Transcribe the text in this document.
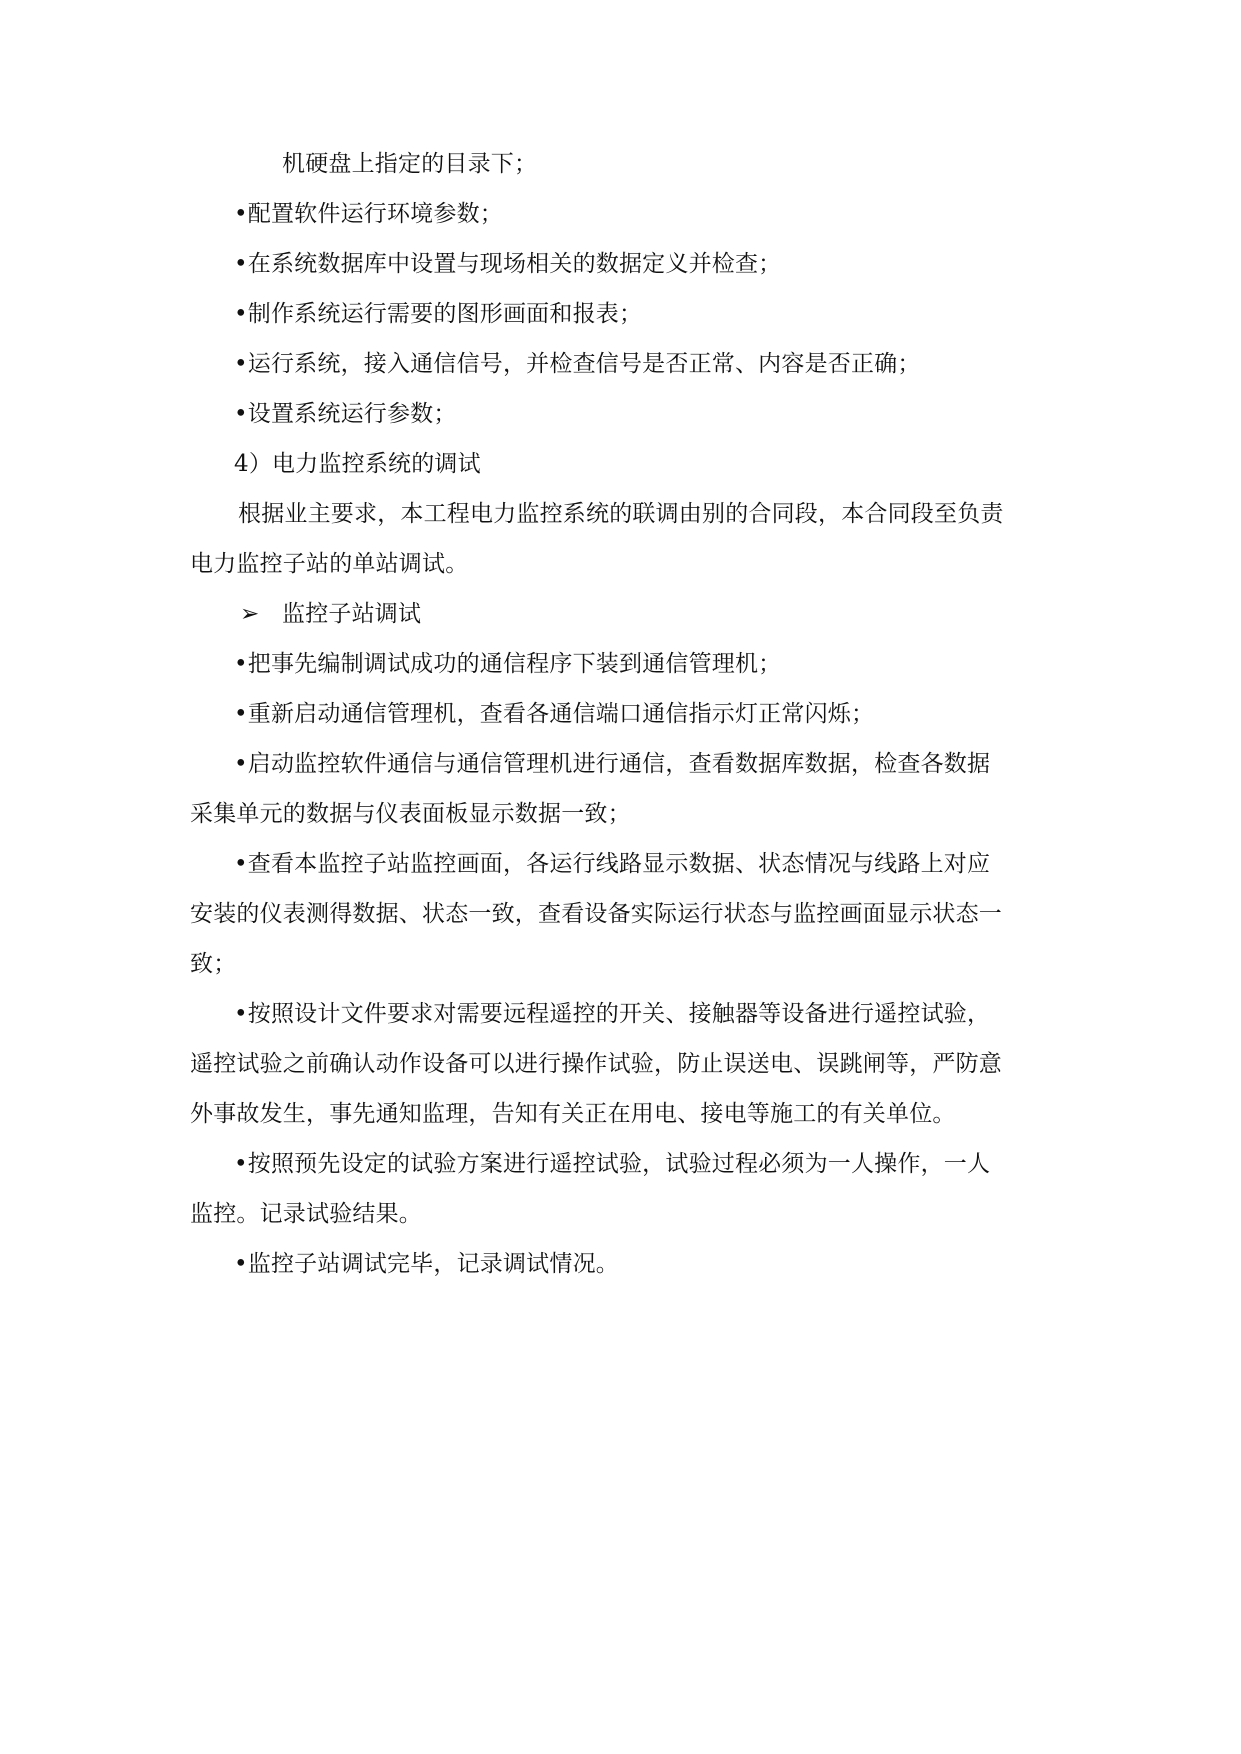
机硬盘上指定的目录下；
•配置软件运行环境参数；
•在系统数据库中设置与现场相关的数据定义并检查；
•制作系统运行需要的图形画面和报表；
•运行系统，接入通信信号，并检查信号是否正常、内容是否正确；
•设置系统运行参数；
4）电力监控系统的调试
根据业主要求，本工程电力监控系统的联调由别的合同段，本合同段至负责
电力监控子站的单站调试。
➢ 监控子站调试
•把事先编制调试成功的通信程序下装到通信管理机；
•重新启动通信管理机，查看各通信端口通信指示灯正常闪烁；
•启动监控软件通信与通信管理机进行通信，查看数据库数据，检查各数据
采集单元的数据与仪表面板显示数据一致；
•查看本监控子站监控画面，各运行线路显示数据、状态情况与线路上对应
安装的仪表测得数据、状态一致，查看设备实际运行状态与监控画面显示状态一
致；
•按照设计文件要求对需要远程遥控的开关、接触器等设备进行遥控试验，
遥控试验之前确认动作设备可以进行操作试验，防止误送电、误跳闸等，严防意
外事故发生，事先通知监理，告知有关正在用电、接电等施工的有关单位。
•按照预先设定的试验方案进行遥控试验，试验过程必须为一人操作，一人
监控。记录试验结果。
•监控子站调试完毕，记录调试情况。
